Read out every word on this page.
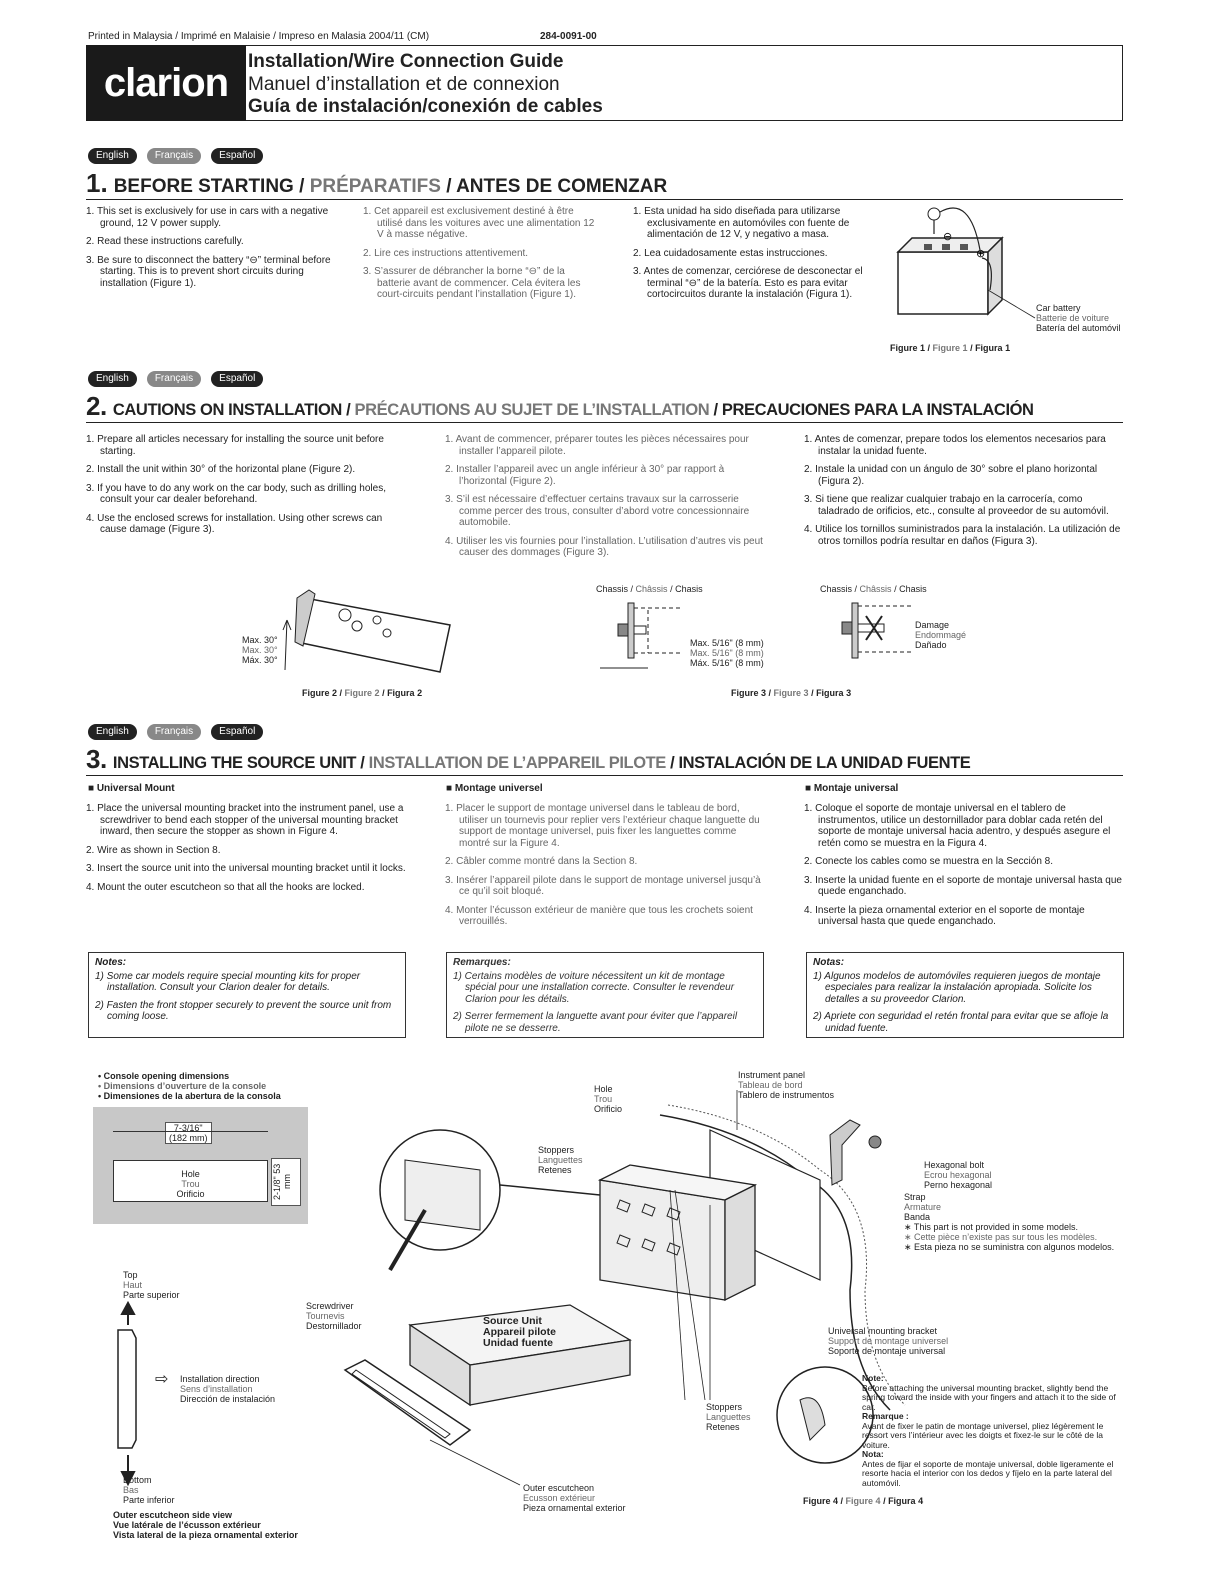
Printed in Malaysia / Imprimé en Malaisie / Impreso en Malasia 2004/11 (CM)	284-0091-00
clarion	Installation/Wire Connection Guide
Manuel d’installation et de connexion
Guía de instalación/conexión de cables
English	Français	Español
1. BEFORE STARTING / PRÉPARATIFS / ANTES DE COMENZAR

1. This set is exclusively for use in cars with a negative ground, 12 V power supply.

2. Read these instructions carefully.

3. Be sure to disconnect the battery “⊖” terminal before starting. This is to prevent short circuits during installation (Figure 1).

1. Cet appareil est exclusivement destiné à être utilisé dans les voitures avec une alimentation 12 V à masse négative.

2. Lire ces instructions attentivement.

3. S’assurer de débrancher la borne “⊖” de la batterie avant de commencer. Cela évitera les court-circuits pendant l’installation (Figure 1).

1. Esta unidad ha sido diseñada para utilizarse exclusivamente en automóviles con fuente de alimentación de 12 V, y negativo a masa.

2. Lea cuidadosamente estas instrucciones.

3. Antes de comenzar, cerciórese de desconectar el terminal “⊖” de la batería. Esto es para evitar cortocircuitos durante la instalación (Figura 1).

⊖
⊕
Car battery
Batterie de voiture
Batería del automóvil
Figure 1 / Figure 1 / Figura 1
English	Français	Español
2. CAUTIONS ON INSTALLATION / PRÉCAUTIONS AU SUJET DE L’INSTALLATION / PRECAUCIONES PARA LA INSTALACIÓN

1. Prepare all articles necessary for installing the source unit before starting.

2. Install the unit within 30° of the horizontal plane (Figure 2).

3. If you have to do any work on the car body, such as drilling holes, consult your car dealer beforehand.

4. Use the enclosed screws for installation. Using other screws can cause damage (Figure 3).

1. Avant de commencer, préparer toutes les pièces nécessaires pour installer l’appareil pilote.

2. Installer l’appareil avec un angle inférieur à 30° par rapport à l’horizontal (Figure 2).

3. S’il est nécessaire d’effectuer certains travaux sur la carrosserie comme percer des trous, consulter d’abord votre concessionnaire automobile.

4. Utiliser les vis fournies pour l’installation. L’utilisation d’autres vis peut causer des dommages (Figure 3).

1. Antes de comenzar, prepare todos los elementos necesarios para instalar la unidad fuente.

2. Instale la unidad con un ángulo de 30° sobre el plano horizontal (Figura 2).

3. Si tiene que realizar cualquier trabajo en la carrocería, como taladrado de orificios, etc., consulte al proveedor de su automóvil.

4. Utilice los tornillos suministrados para la instalación. La utilización de otros tornillos podría resultar en daños (Figura 3).

Max. 30°
Max. 30°
Máx. 30°
Figure 2 / Figure 2 / Figura 2
Chassis / Châssis / Chasis
Max. 5/16" (8 mm)
Max. 5/16" (8 mm)
Máx. 5/16" (8 mm)
Chassis / Châssis / Chasis
Damage
Endommagé
Dañado
Figure 3 / Figure 3 / Figura 3
English	Français	Español
3. INSTALLING THE SOURCE UNIT / INSTALLATION DE L’APPAREIL PILOTE / INSTALACIÓN DE LA UNIDAD FUENTE
■ Universal Mount	■ Montage universel	■ Montaje universal

1. Place the universal mounting bracket into the instrument panel, use a screwdriver to bend each stopper of the universal mounting bracket inward, then secure the stopper as shown in Figure 4.

2. Wire as shown in Section 8.

3. Insert the source unit into the universal mounting bracket until it locks.

4. Mount the outer escutcheon so that all the hooks are locked.

1. Placer le support de montage universel dans le tableau de bord, utiliser un tournevis pour replier vers l’extérieur chaque languette du support de montage universel, puis fixer les languettes comme montré sur la Figure 4.

2. Câbler comme montré dans la Section 8.

3. Insérer l’appareil pilote dans le support de montage universel jusqu’à ce qu’il soit bloqué.

4. Monter l’écusson extérieur de manière que tous les crochets soient verrouillés.

1. Coloque el soporte de montaje universal en el tablero de instrumentos, utilice un destornillador para doblar cada retén del soporte de montaje universal hacia adentro, y después asegure el retén como se muestra en la Figura 4.

2. Conecte los cables como se muestra en la Sección 8.

3. Inserte la unidad fuente en el soporte de montaje universal hasta que quede enganchado.

4. Inserte la pieza ornamental exterior en el soporte de montaje universal hasta que quede enganchado.

Notes:

1) Some car models require special mounting kits for proper installation. Consult your Clarion dealer for details.

2) Fasten the front stopper securely to prevent the source unit from coming loose.

Remarques:

1) Certains modèles de voiture nécessitent un kit de montage spécial pour une installation correcte. Consulter le revendeur Clarion pour les détails.

2) Serrer fermement la languette avant pour éviter que l’appareil pilote ne se desserre.

Notas:

1) Algunos modelos de automóviles requieren juegos de montaje especiales para realizar la instalación apropiada. Solicite los detalles a su proveedor Clarion.

2) Apriete con seguridad el retén frontal para evitar que se afloje la unidad fuente.

• Console opening dimensions
• Dimensions d’ouverture de la console
• Dimensiones de la abertura de la consola
7-3/16"
(182 mm)
Hole
Trou
Orificio	2-1/8" 53 mm
Top
Haut
Parte superior
⇨ Installation direction
Sens d’installation
Dirección de instalación
Bottom
Bas
Parte inferior
Outer escutcheon side view
Vue latérale de l’écusson extérieur
Vista lateral de la pieza ornamental exterior
Hole
Trou
Orificio
Instrument panel
Tableau de bord
Tablero de instrumentos
Stoppers
Languettes
Retenes	Hexagonal bolt
Ecrou hexagonal
Perno hexagonal
Strap
Armature
Banda
∗ This part is not provided in some models.
∗ Cette pièce n’existe pas sur tous les modèles.
∗ Esta pieza no se suministra con algunos modelos.
Screwdriver
Tournevis
Destornillador	Source Unit
Appareil pilote
Unidad fuente
Universal mounting bracket
Support de montage universel
Soporte de montaje universal
Stoppers
Languettes
Retenes
Outer escutcheon
Ecusson extérieur
Pieza ornamental exterior
Note:
Before attaching the universal mounting bracket, slightly bend the spring toward the inside with your fingers and attach it to the side of car.
Remarque :
Avant de fixer le patin de montage universel, pliez légèrement le ressort vers l’intérieur avec les doigts et fixez-le sur le côté de la voiture.
Nota:
Antes de fijar el soporte de montaje universal, doble ligeramente el resorte hacia el interior con los dedos y fíjelo en la parte lateral del automóvil.
Figure 4 / Figure 4 / Figura 4
